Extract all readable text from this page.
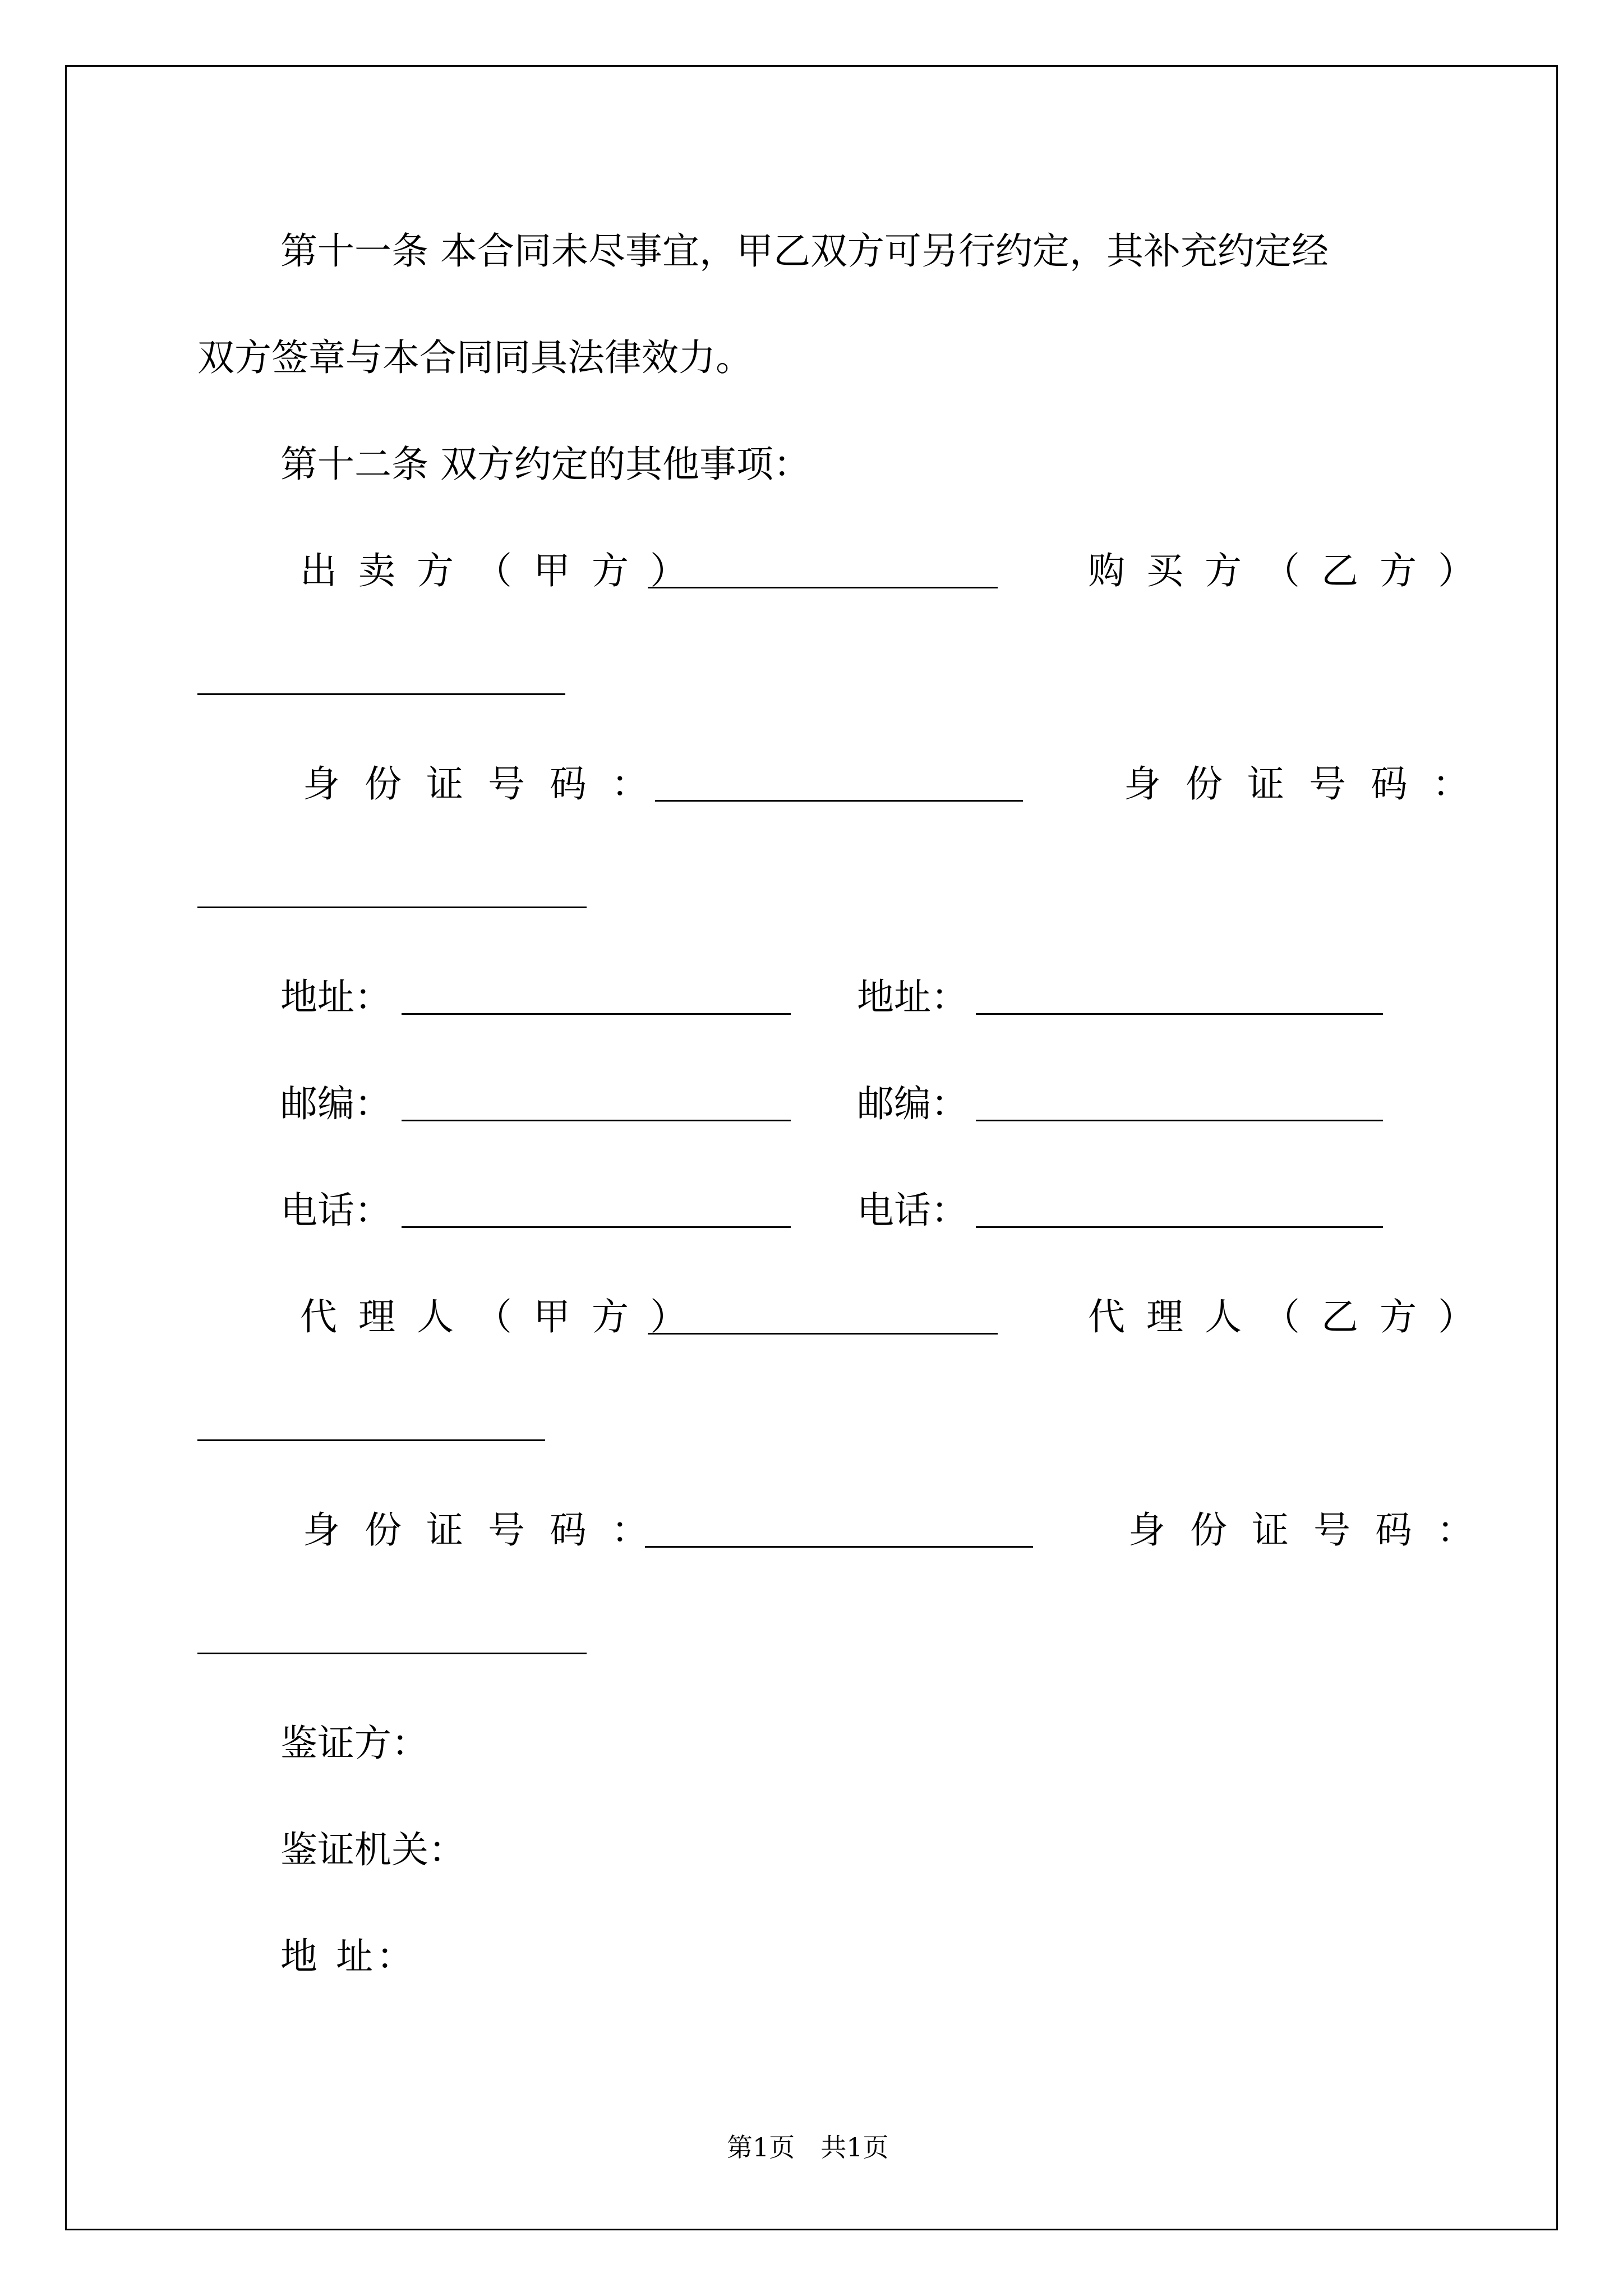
第十一条 本合同未尽事宜，甲乙双方可另行约定，其补充约定经
双方签章与本合同同具法律效力。
第十二条 双方约定的其他事项：
出卖方（甲方）	购买方（乙方）
身份证号码：	身份证号码：
地址：	地址：
邮编：	邮编：
电话：	电话：
代理人（甲方）	代理人（乙方）
身份证号码：	身份证号码：
鉴证方：
鉴证机关：
地 址：
第1页　共1页
